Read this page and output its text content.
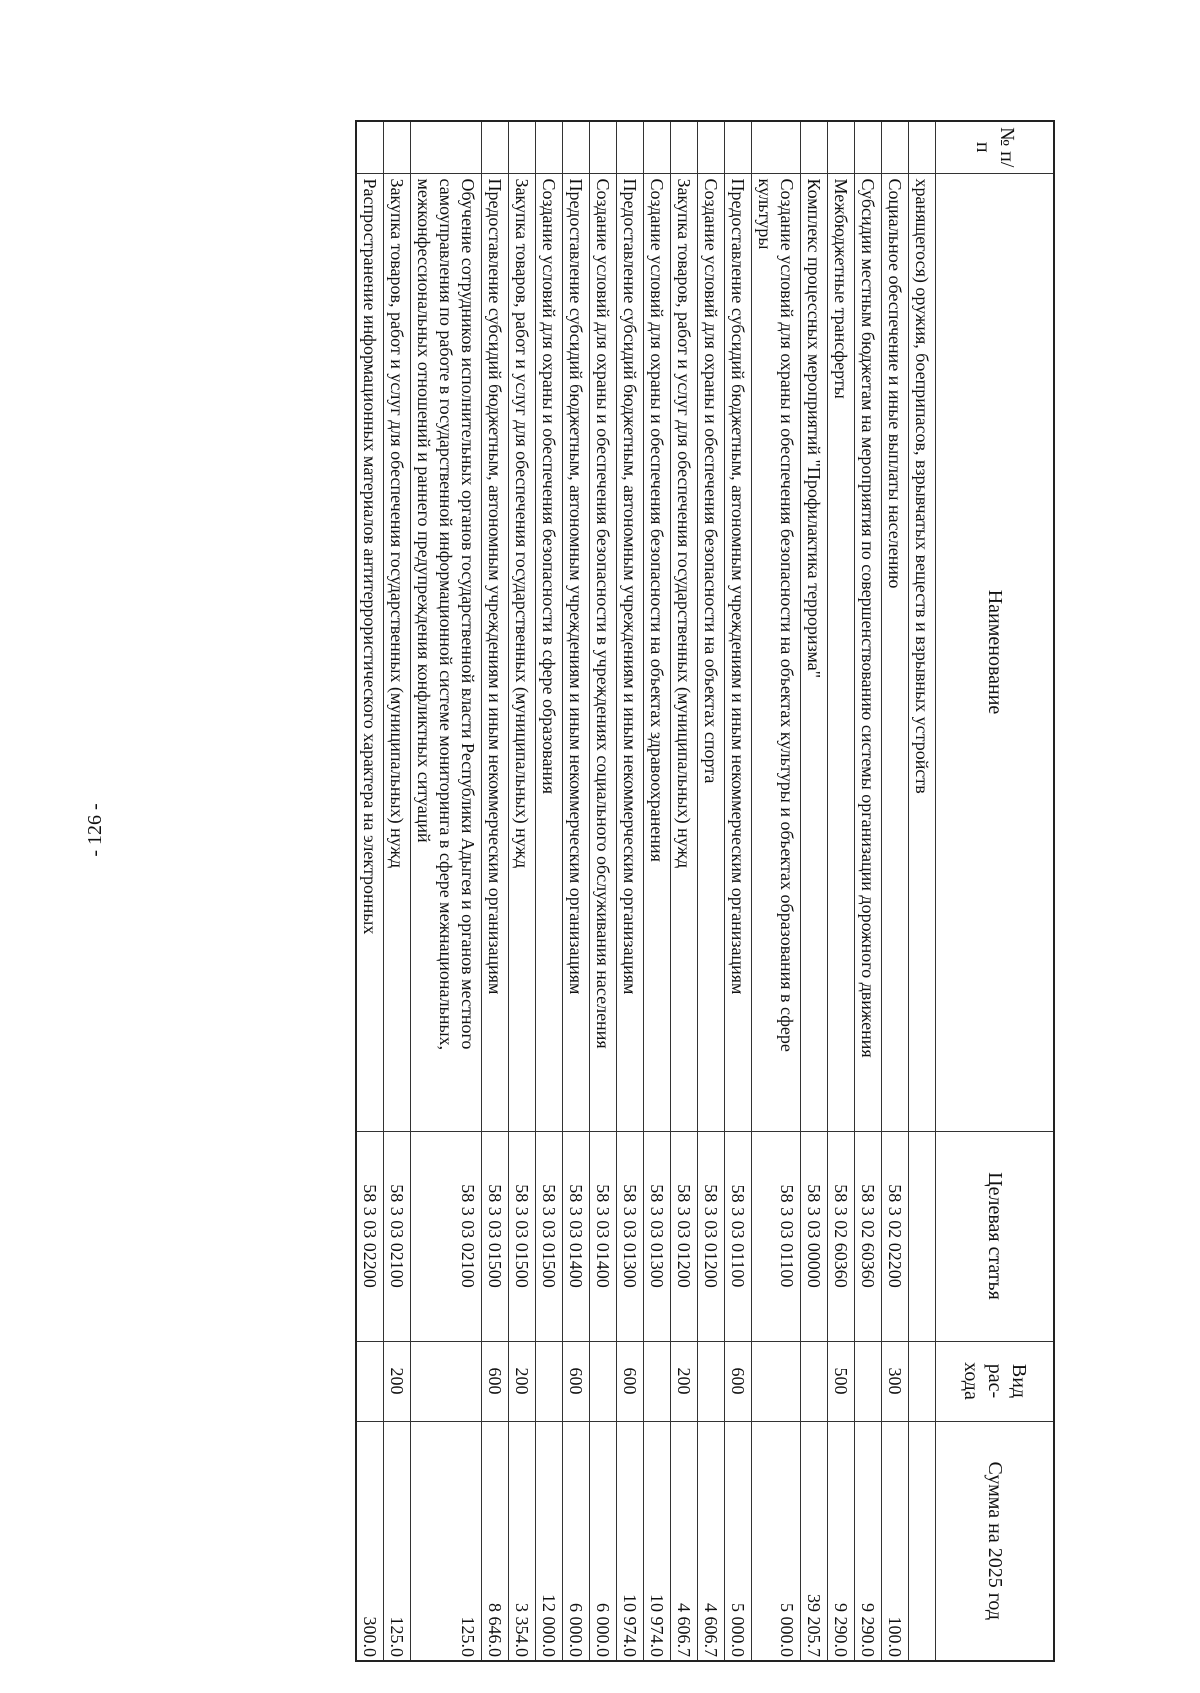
- 126 -
№ п/п	Наименование	Целевая статья	Вид рас-хода	Сумма на 2025 год
	хранящегося) оружия, боеприпасов, взрывчатых веществ и взрывных устройств			
	Социальное обеспечение и иные выплаты населению	58 3 02 02200	300	100.0
	Субсидии местным бюджетам на мероприятия по совершенствованию системы организации дорожного движения	58 3 02 60360		9 290.0
	Межбюджетные трансферты	58 3 02 60360	500	9 290.0
	Комплекс процессных мероприятий "Профилактика терроризма"	58 3 03 00000		39 205.7
	Создание условий для охраны и обеспечения безопасности на объектах культуры и объектах образования в сфере культуры	58 3 03 01100		5 000.0
	Предоставление субсидий бюджетным, автономным учреждениям и иным некоммерческим организациям	58 3 03 01100	600	5 000.0
	Создание условий для охраны и обеспечения безопасности на объектах спорта	58 3 03 01200		4 606.7
	Закупка товаров, работ и услуг для обеспечения государственных (муниципальных) нужд	58 3 03 01200	200	4 606.7
	Создание условий для охраны и обеспечения безопасности на объектах здравоохранения	58 3 03 01300		10 974.0
	Предоставление субсидий бюджетным, автономным учреждениям и иным некоммерческим организациям	58 3 03 01300	600	10 974.0
	Создание условий для охраны и обеспечения безопасности в учреждениях социального обслуживания населения	58 3 03 01400		6 000.0
	Предоставление субсидий бюджетным, автономным учреждениям и иным некоммерческим организациям	58 3 03 01400	600	6 000.0
	Создание условий для охраны и обеспечения безопасности в сфере образования	58 3 03 01500		12 000.0
	Закупка товаров, работ и услуг для обеспечения государственных (муниципальных) нужд	58 3 03 01500	200	3 354.0
	Предоставление субсидий бюджетным, автономным учреждениям и иным некоммерческим организациям	58 3 03 01500	600	8 646.0
	Обучение сотрудников исполнительных органов государственной власти Республики Адыгея и органов местного самоуправления по работе в государственной информационной системе мониторинга в сфере межнациональных, межконфессиональных отношений и раннего предупреждения конфликтных ситуаций	58 3 03 02100		125.0
	Закупка товаров, работ и услуг для обеспечения государственных (муниципальных) нужд	58 3 03 02100	200	125.0
	Распространение информационных материалов антитеррористического характера на электронных	58 3 03 02200		300.0
